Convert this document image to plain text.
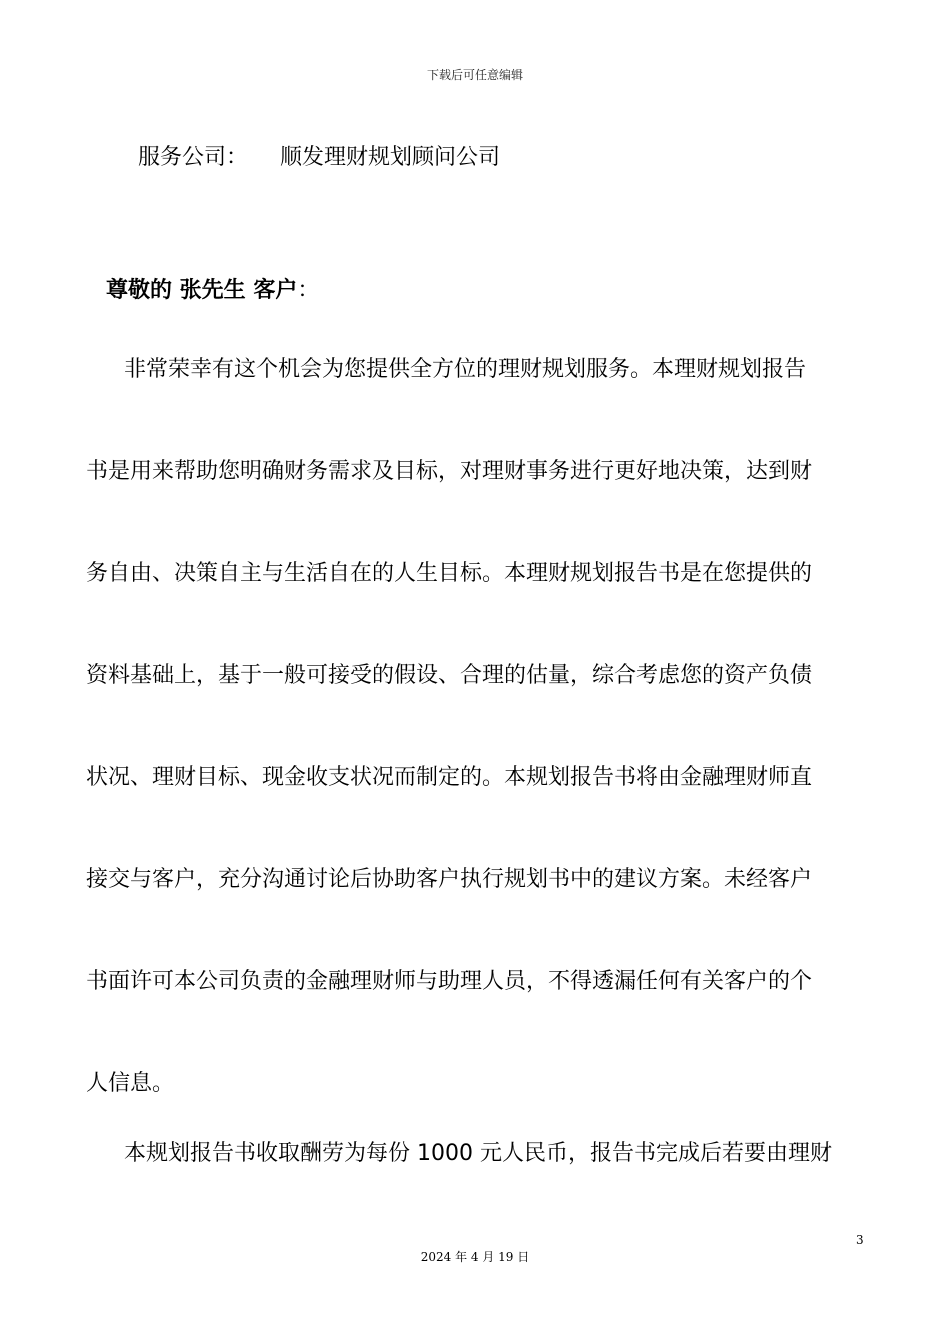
下载后可任意编辑
服务公司： 顺发理财规划顾问公司
尊敬的 张先生 客户：
非常荣幸有这个机会为您提供全方位的理财规划服务。本理财规划报告
书是用来帮助您明确财务需求及目标，对理财事务进行更好地决策，达到财
务自由、决策自主与生活自在的人生目标。本理财规划报告书是在您提供的
资料基础上，基于一般可接受的假设、合理的估量，综合考虑您的资产负债
状况、理财目标、现金收支状况而制定的。本规划报告书将由金融理财师直
接交与客户，充分沟通讨论后协助客户执行规划书中的建议方案。未经客户
书面许可本公司负责的金融理财师与助理人员，不得透漏任何有关客户的个
人信息。
本规划报告书收取酬劳为每份 1000 元人民币，报告书完成后若要由理财
3
2024 年 4 月 19 日
